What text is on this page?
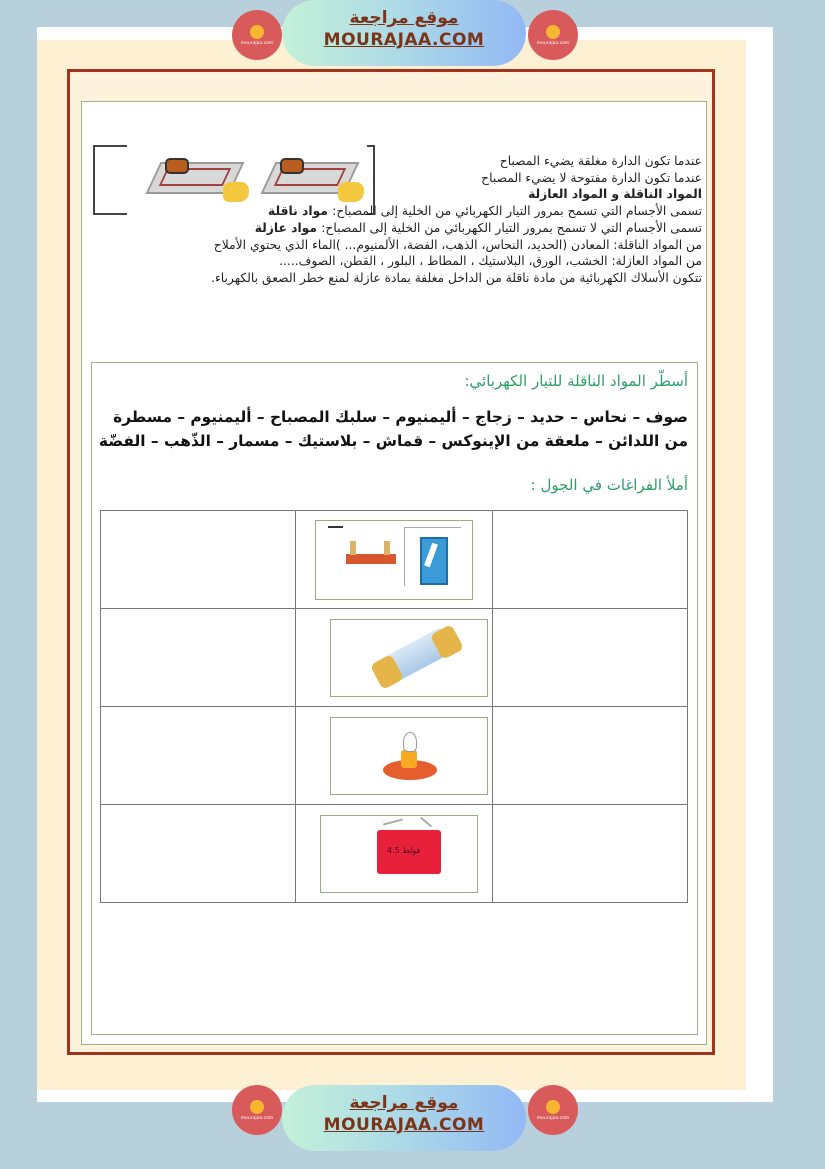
mourajaa.com
موقع مراجعة
MOURAJAA.COM	mourajaa.com
عندما تكون الدارة مغلقة يضيء المصباح
عندما تكون الدارة مفتوحة لا يضيء المصباح
المواد الناقلة و المواد العازلة
تسمى الأجسام التي تسمح بمرور التيار الكهربائي من الخلية إلى المصباح: مواد ناقلة
تسمى الأجسام التي لا تسمح بمرور التيار الكهربائي من الخلية إلى المصباح: مواد عازلة
من المواد الناقلة: المعادن (الحديد، النحاس، الذهب، الفضة، الألمنيوم... )الماء الذي يحتوي الأملاح
من المواد العازلة: الخشب، الورق، البلاستيك ، المطاط ، البلور ، القطن، الصوف.....
تتكون الأسلاك الكهربائية من مادة ناقلة من الداخل مغلفة بمادة عازلة لمنع خطر الصعق بالكهرباء.
أسطّر المواد الناقلة للتيار الكهربائي:
صوف – نحاس – حديد – زجاج – أليمنيوم – سلبك المصباح – أليمنيوم – مسطرة
من اللدائن – ملعقة من الإينوكس – قماش – بلاستيك – مسمار – الذّهب – الفضّة
أملأ الفراغات في الجول :

	4.5 فولط	

mourajaa.com
موقع مراجعة
MOURAJAA.COM	mourajaa.com
